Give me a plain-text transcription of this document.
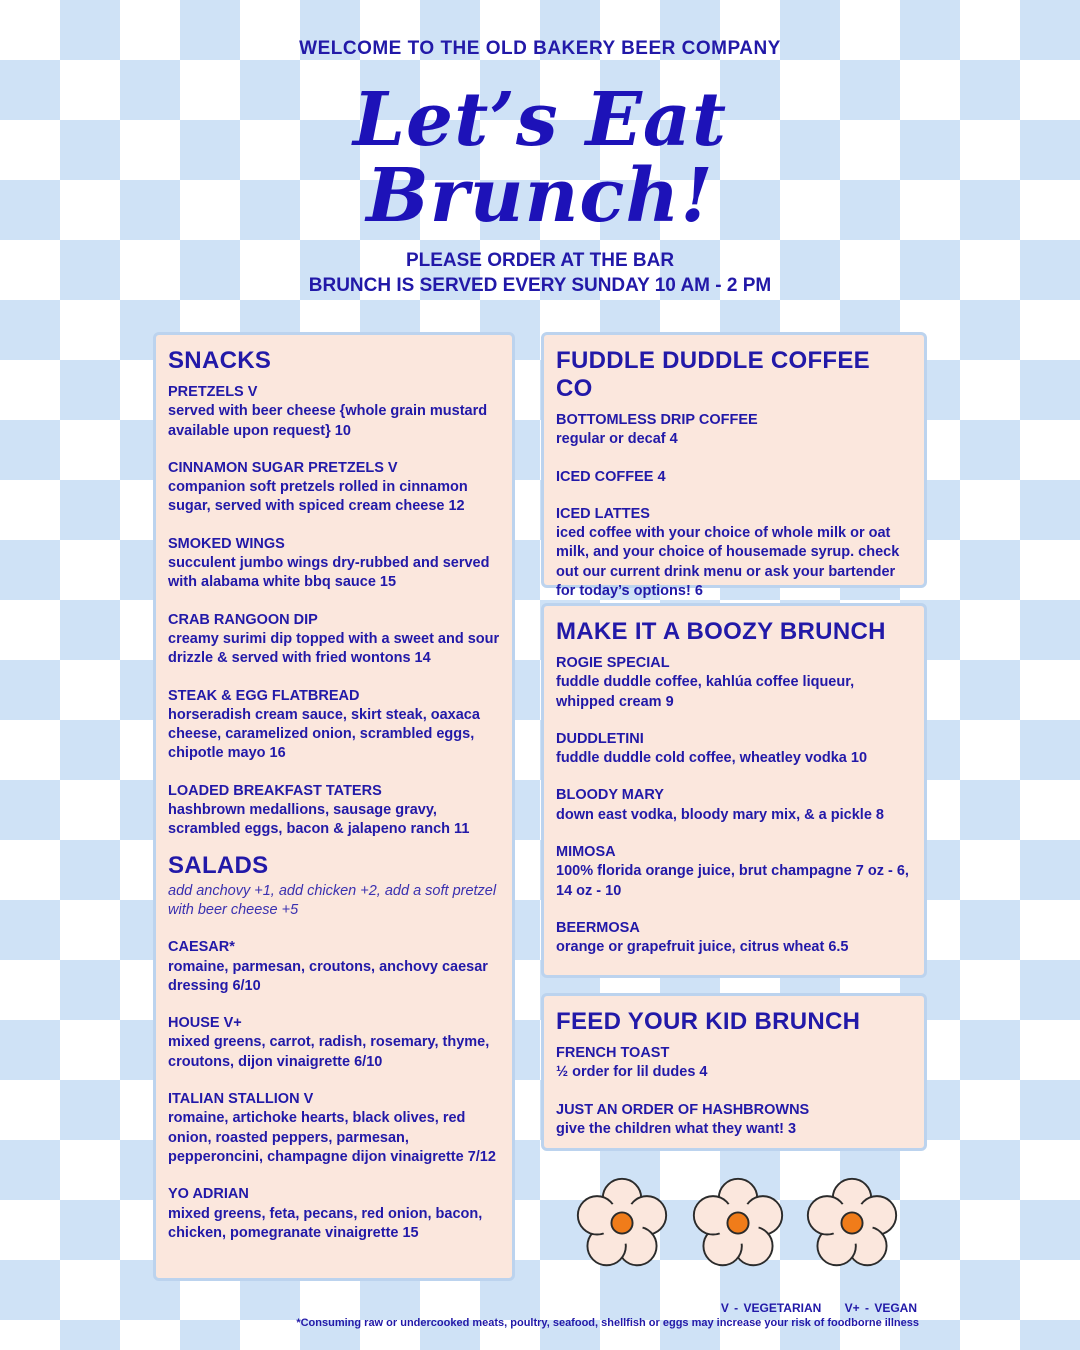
WELCOME TO THE OLD BAKERY BEER COMPANY
Let’s Eat
Brunch!
PLEASE ORDER AT THE BAR
BRUNCH IS SERVED EVERY SUNDAY 10 AM - 2 PM
SNACKS
PRETZELS V
served with beer cheese {whole grain mustard available upon request} 10
CINNAMON SUGAR PRETZELS V
companion soft pretzels rolled in cinnamon sugar, served with spiced cream cheese 12
SMOKED WINGS
succulent jumbo wings dry-rubbed and served with alabama white bbq sauce 15
CRAB RANGOON DIP
creamy surimi dip topped with a sweet and sour drizzle & served with fried wontons 14
STEAK & EGG FLATBREAD
horseradish cream sauce, skirt steak, oaxaca cheese, caramelized onion, scrambled eggs, chipotle mayo 16
LOADED BREAKFAST TATERS
hashbrown medallions, sausage gravy, scrambled eggs, bacon & jalapeno ranch 11
SALADS
add anchovy +1, add chicken +2, add a soft pretzel with beer cheese +5
CAESAR*
romaine, parmesan, croutons, anchovy caesar dressing 6/10
HOUSE V+
mixed greens, carrot, radish, rosemary, thyme, croutons, dijon vinaigrette 6/10
ITALIAN STALLION V
romaine, artichoke hearts, black olives, red onion, roasted peppers, parmesan, pepperoncini, champagne dijon vinaigrette 7/12
YO ADRIAN
mixed greens, feta, pecans, red onion, bacon, chicken, pomegranate vinaigrette 15
FUDDLE DUDDLE COFFEE CO
BOTTOMLESS DRIP COFFEE
regular or decaf 4
ICED COFFEE 4
ICED LATTES
iced coffee with your choice of whole milk or oat milk, and your choice of housemade syrup. check out our current drink menu or ask your bartender for today’s options! 6
MAKE IT A BOOZY BRUNCH
ROGIE SPECIAL
fuddle duddle coffee, kahlúa coffee liqueur, whipped cream 9
DUDDLETINI
fuddle duddle cold coffee, wheatley vodka 10
BLOODY MARY
down east vodka, bloody mary mix, & a pickle 8
MIMOSA
100% florida orange juice, brut champagne 7 oz - 6, 14 oz - 10
BEERMOSA
orange or grapefruit juice, citrus wheat 6.5
FEED YOUR KID BRUNCH
FRENCH TOAST
½ order for lil dudes 4
JUST AN ORDER OF HASHBROWNS
give the children what they want! 3
V - VEGETARIAN V+ - VEGAN
*Consuming raw or undercooked meats, poultry, seafood, shellfish or eggs may increase your risk of foodborne illness
